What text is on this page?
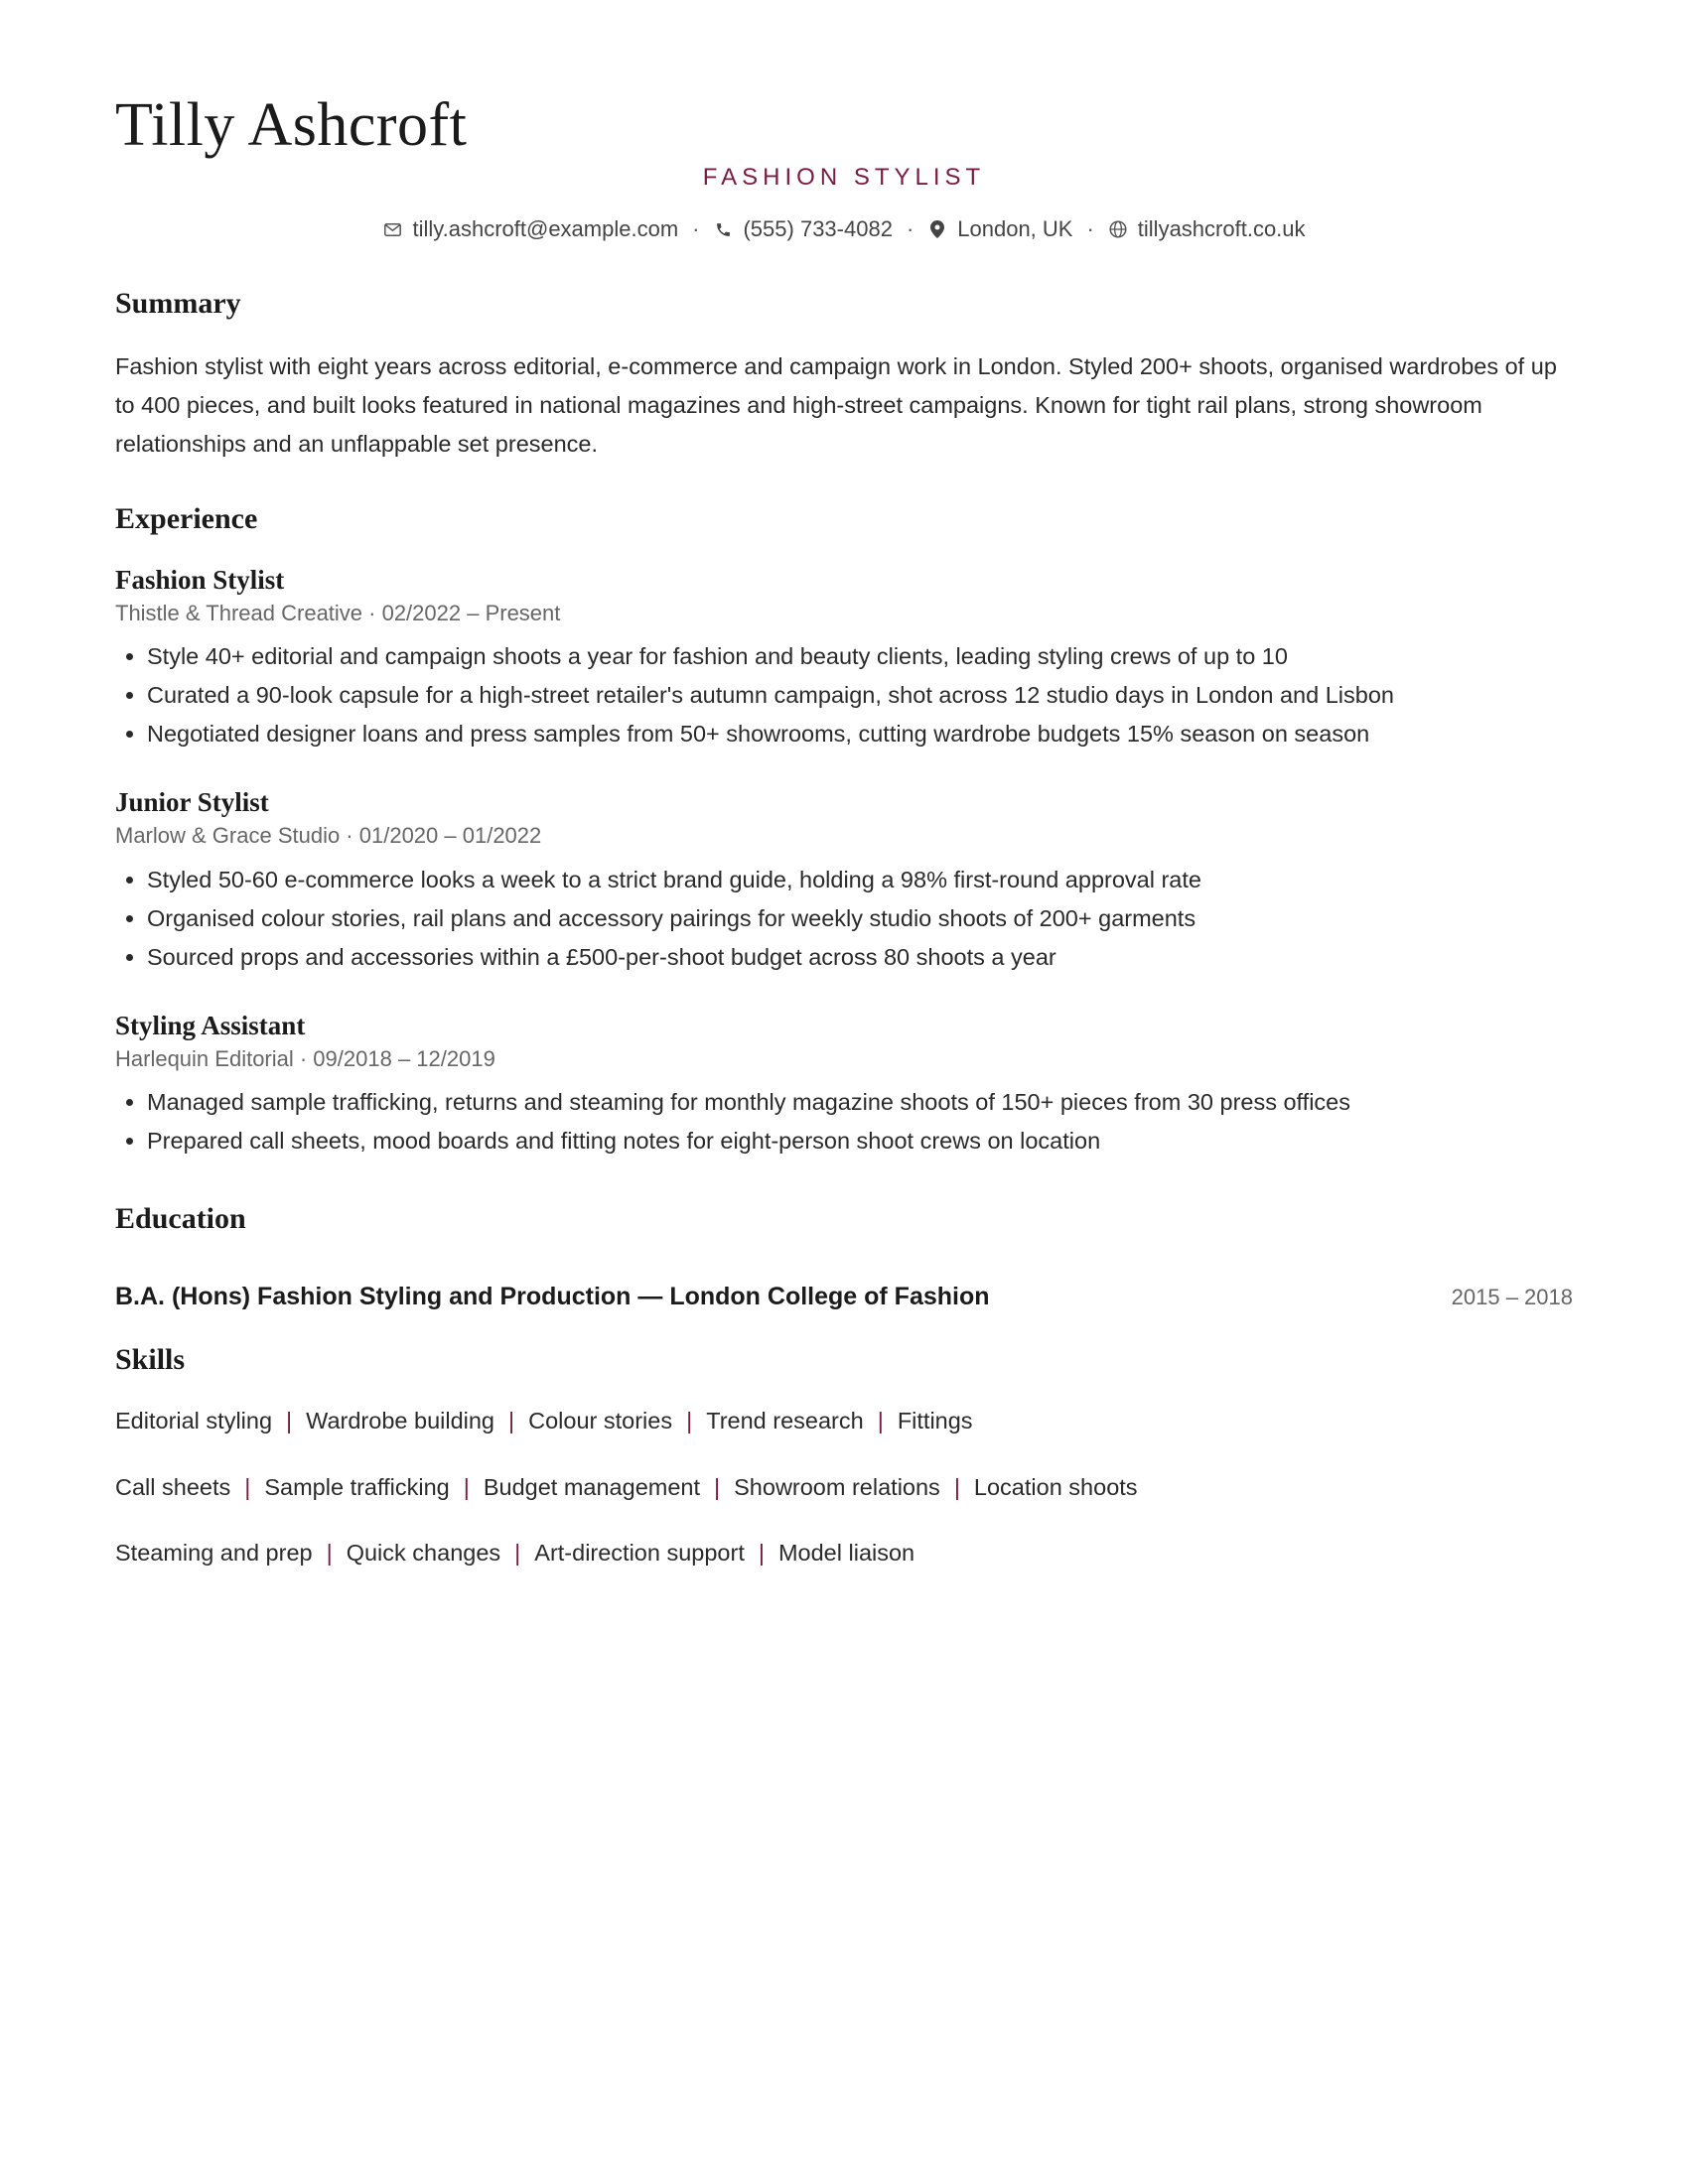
Tilly Ashcroft
FASHION STYLIST
tilly.ashcroft@example.com · (555) 733-4082 · London, UK · tillyashcroft.co.uk
Summary
Fashion stylist with eight years across editorial, e-commerce and campaign work in London. Styled 200+ shoots, organised wardrobes of up to 400 pieces, and built looks featured in national magazines and high-street campaigns. Known for tight rail plans, strong showroom relationships and an unflappable set presence.
Experience
Fashion Stylist
Thistle & Thread Creative · 02/2022 – Present
• Style 40+ editorial and campaign shoots a year for fashion and beauty clients, leading styling crews of up to 10
• Curated a 90-look capsule for a high-street retailer's autumn campaign, shot across 12 studio days in London and Lisbon
• Negotiated designer loans and press samples from 50+ showrooms, cutting wardrobe budgets 15% season on season
Junior Stylist
Marlow & Grace Studio · 01/2020 – 01/2022
• Styled 50-60 e-commerce looks a week to a strict brand guide, holding a 98% first-round approval rate
• Organised colour stories, rail plans and accessory pairings for weekly studio shoots of 200+ garments
• Sourced props and accessories within a £500-per-shoot budget across 80 shoots a year
Styling Assistant
Harlequin Editorial · 09/2018 – 12/2019
• Managed sample trafficking, returns and steaming for monthly magazine shoots of 150+ pieces from 30 press offices
• Prepared call sheets, mood boards and fitting notes for eight-person shoot crews on location
Education
B.A. (Hons) Fashion Styling and Production — London College of Fashion	2015 – 2018
Skills
Editorial styling | Wardrobe building | Colour stories | Trend research | Fittings
Call sheets | Sample trafficking | Budget management | Showroom relations | Location shoots
Steaming and prep | Quick changes | Art-direction support | Model liaison
